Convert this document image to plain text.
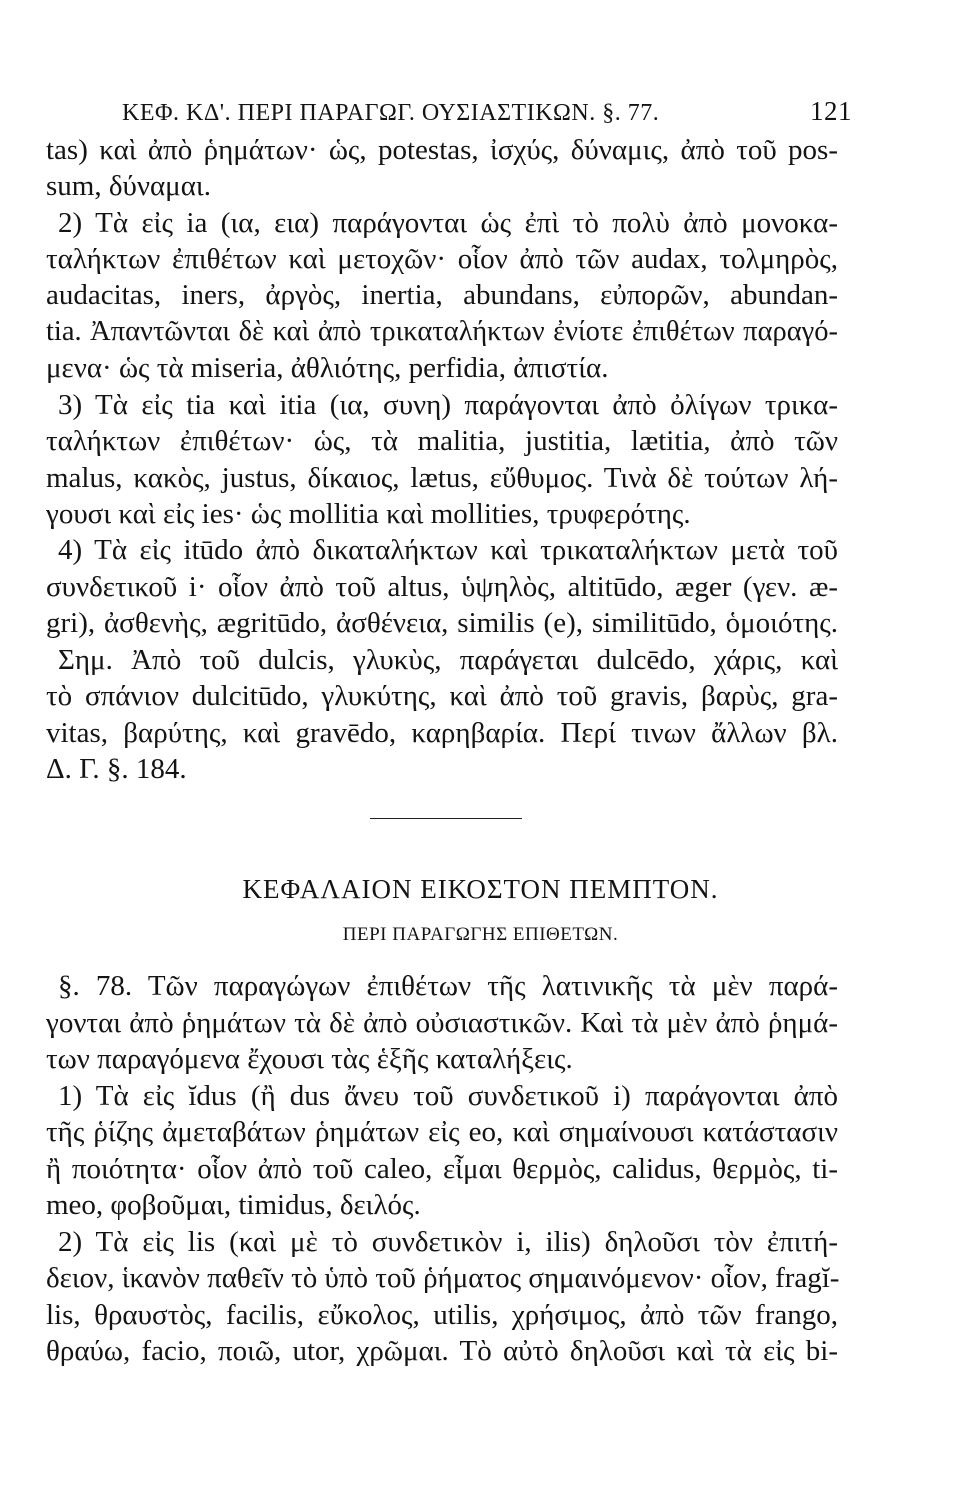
ΚΕΦ. ΚΔ'. ΠΕΡΙ ΠΑΡΑΓΩΓ. ΟΥΣΙΑΣΤΙΚΩΝ. §. 77.	121
tas) καὶ ἀπὸ ῥημάτων· ὡς, potestas, ἰσχύς, δύναμις, ἀπὸ τοῦ pos-
sum, δύναμαι.
2) Τὰ εἰς ia (ια, εια) παράγονται ὡς ἐπὶ τὸ πολὺ ἀπὸ μονοκα-
ταλήκτων ἐπιθέτων καὶ μετοχῶν· οἷον ἀπὸ τῶν audax, τολμηρὸς,
audacitas, iners, ἀργὸς, inertia, abundans, εὐπορῶν, abundan-
tia. Ἀπαντῶνται δὲ καὶ ἀπὸ τρικαταλήκτων ἐνίοτε ἐπιθέτων παραγό-
μενα· ὡς τὰ miseria, ἀθλιότης, perfidia, ἀπιστία.
3) Τὰ εἰς tia καὶ itia (ια, συνη) παράγονται ἀπὸ ὀλίγων τρικα-
ταλήκτων ἐπιθέτων· ὡς, τὰ malitia, justitia, lætitia, ἀπὸ τῶν
malus, κακὸς, justus, δίκαιος, lætus, εὔθυμος. Τινὰ δὲ τούτων λή-
γουσι καὶ εἰς ies· ὡς mollitia καὶ mollities, τρυφερότης.
4) Τὰ εἰς itūdo ἀπὸ δικαταλήκτων καὶ τρικαταλήκτων μετὰ τοῦ
συνδετικοῦ i· οἷον ἀπὸ τοῦ altus, ὑψηλὸς, altitūdo, æger (γεν. æ-
gri), ἀσθενὴς, ægritūdo, ἀσθένεια, similis (e), similitūdo, ὁμοιότης.
Σημ. Ἀπὸ τοῦ dulcis, γλυκὺς, παράγεται dulcēdo, χάρις, καὶ
τὸ σπάνιον dulcitūdo, γλυκύτης, καὶ ἀπὸ τοῦ gravis, βαρὺς, gra-
vitas, βαρύτης, καὶ gravēdo, καρηβαρία. Περί τινων ἄλλων βλ.
Δ. Γ. §. 184.
ΚΕΦΑΛΑΙΟΝ ΕΙΚΟΣΤΟΝ ΠΕΜΠΤΟΝ.
ΠΕΡΙ ΠΑΡΑΓΩΓΗΣ ΕΠΙΘΕΤΩΝ.
§. 78. Τῶν παραγώγων ἐπιθέτων τῆς λατινικῆς τὰ μὲν παρά-
γονται ἀπὸ ῥημάτων τὰ δὲ ἀπὸ οὐσιαστικῶν. Καὶ τὰ μὲν ἀπὸ ῥημά-
των παραγόμενα ἔχουσι τὰς ἑξῆς καταλήξεις.
1) Τὰ εἰς ĭdus (ἢ dus ἄνευ τοῦ συνδετικοῦ i) παράγονται ἀπὸ
τῆς ῥίζης ἀμεταβάτων ῥημάτων εἰς eo, καὶ σημαίνουσι κατάστασιν
ἢ ποιότητα· οἷον ἀπὸ τοῦ caleo, εἶμαι θερμὸς, calidus, θερμὸς, ti-
meo, φοβοῦμαι, timidus, δειλός.
2) Τὰ εἰς lis (καὶ μὲ τὸ συνδετικὸν i, ilis) δηλοῦσι τὸν ἐπιτή-
δειον, ἱκανὸν παθεῖν τὸ ὑπὸ τοῦ ῥήματος σημαινόμενον· οἷον, fragĭ-
lis, θραυστὸς, facilis, εὔκολος, utilis, χρήσιμος, ἀπὸ τῶν frango,
θραύω, facio, ποιῶ, utor, χρῶμαι. Τὸ αὐτὸ δηλοῦσι καὶ τὰ εἰς bi-
